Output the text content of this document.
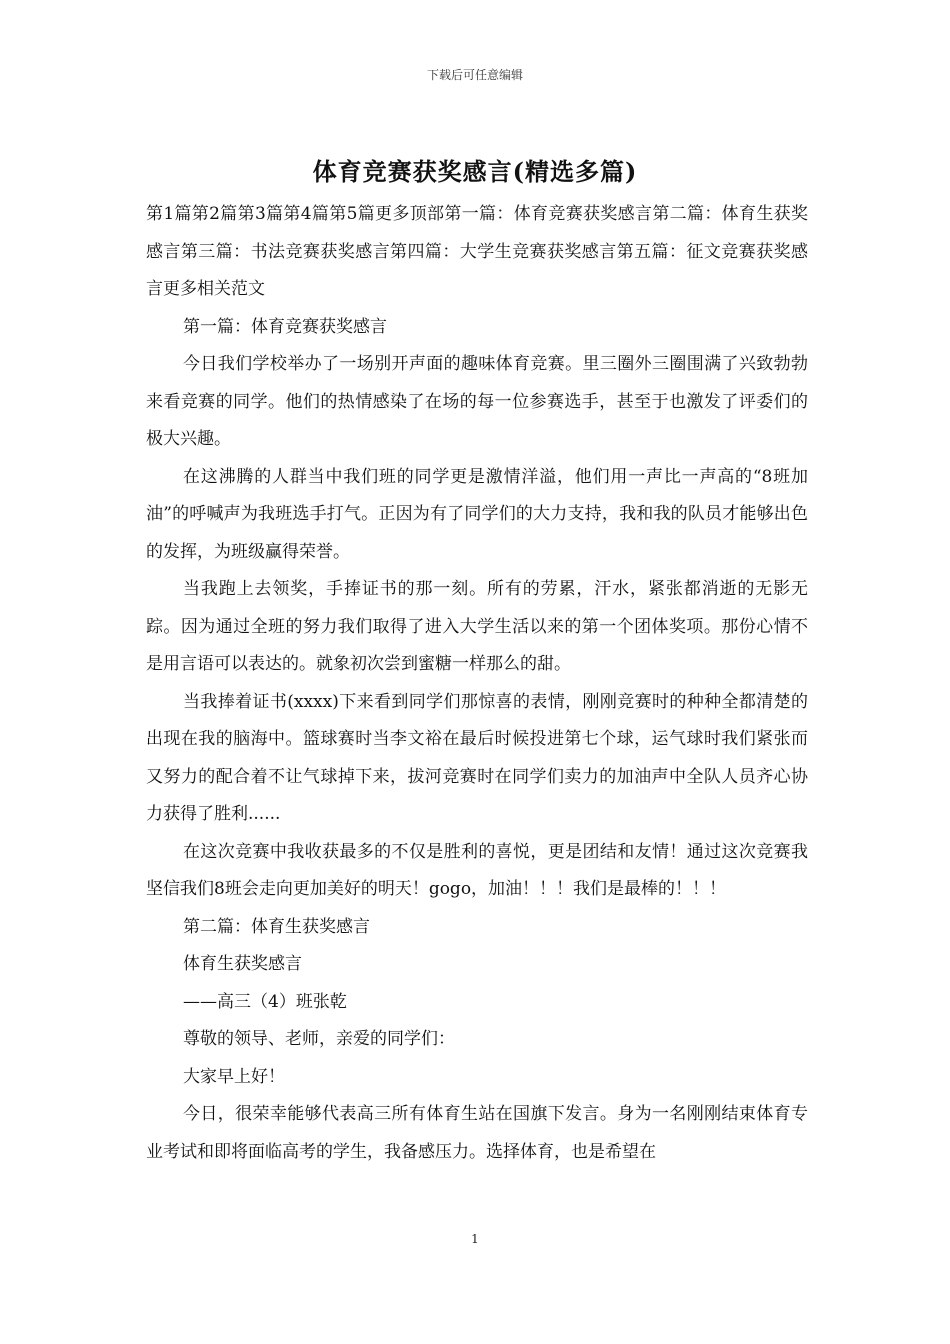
下载后可任意编辑
体育竞赛获奖感言(精选多篇)

第1篇第2篇第3篇第4篇第5篇更多顶部第一篇：体育竞赛获奖感言第二篇：体育生获奖感言第三篇：书法竞赛获奖感言第四篇：大学生竞赛获奖感言第五篇：征文竞赛获奖感言更多相关范文

第一篇：体育竞赛获奖感言

今日我们学校举办了一场别开声面的趣味体育竞赛。里三圈外三圈围满了兴致勃勃来看竞赛的同学。他们的热情感染了在场的每一位参赛选手，甚至于也激发了评委们的极大兴趣。

在这沸腾的人群当中我们班的同学更是激情洋溢，他们用一声比一声高的“8班加油”的呼喊声为我班选手打气。正因为有了同学们的大力支持，我和我的队员才能够出色的发挥，为班级赢得荣誉。

当我跑上去领奖，手捧证书的那一刻。所有的劳累，汗水，紧张都消逝的无影无踪。因为通过全班的努力我们取得了进入大学生活以来的第一个团体奖项。那份心情不是用言语可以表达的。就象初次尝到蜜糖一样那么的甜。

当我捧着证书(xxxx)下来看到同学们那惊喜的表情，刚刚竞赛时的种种全都清楚的出现在我的脑海中。篮球赛时当李文裕在最后时候投进第七个球，运气球时我们紧张而又努力的配合着不让气球掉下来，拔河竞赛时在同学们卖力的加油声中全队人员齐心协力获得了胜利......

在这次竞赛中我收获最多的不仅是胜利的喜悦，更是团结和友情！通过这次竞赛我坚信我们8班会走向更加美好的明天！gogo，加油！！！我们是最棒的！！！

第二篇：体育生获奖感言

体育生获奖感言

——高三（4）班张乾

尊敬的领导、老师，亲爱的同学们：

大家早上好！

今日，很荣幸能够代表高三所有体育生站在国旗下发言。身为一名刚刚结束体育专业考试和即将面临高考的学生，我备感压力。选择体育，也是希望在

1
